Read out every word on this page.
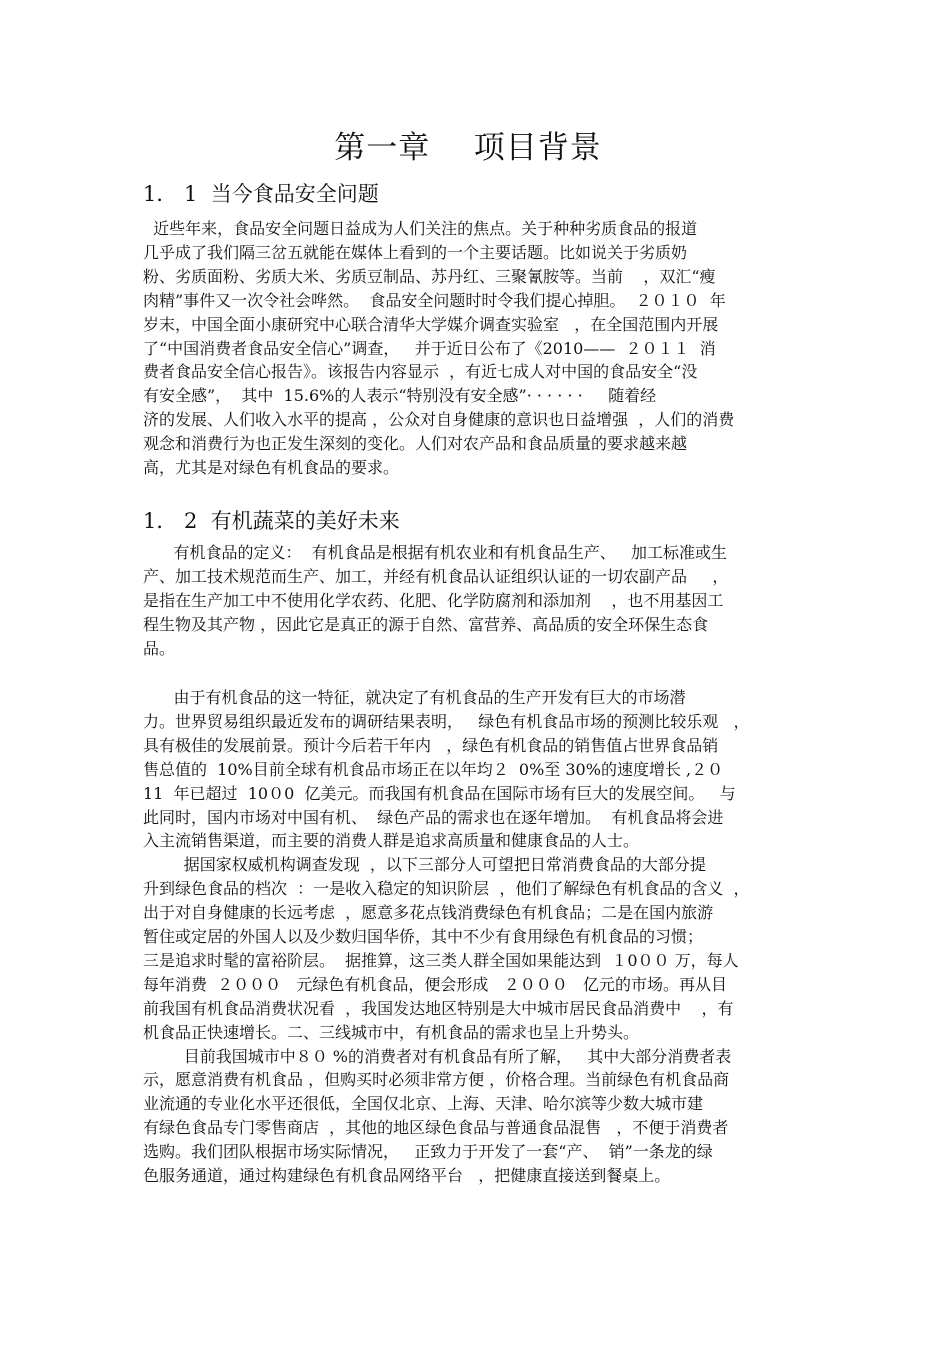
第一章    项目背景
1． 1  当今食品安全问题
近些年来，食品安全问题日益成为人们关注的焦点。关于种种劣质食品的报道
几乎成了我们隔三岔五就能在媒体上看到的一个主要话题。比如说关于劣质奶
粉、劣质面粉、劣质大米、劣质豆制品、苏丹红、三聚氰胺等。当前    ，双汇“瘦
肉精”事件又一次令社会哗然。  食品安全问题时时令我们提心掉胆。  ２０１０  年
岁末，中国全面小康研究中心联合清华大学媒介调查实验室   ，在全国范围内开展
了“中国消费者食品安全信心”调查，   并于近日公布了《2010——  ２０１１  消
费者食品安全信心报告》。该报告内容显示  ，有近七成人对中国的食品安全“没
有安全感”，  其中  15.6%的人表示“特别没有安全感”· · · · · ·     随着经
济的发展、人们收入水平的提高 ，公众对自身健康的意识也日益增强  ，人们的消费
观念和消费行为也正发生深刻的变化。人们对农产品和食品质量的要求越来越
高，尤其是对绿色有机食品的要求。
1． 2  有机蔬菜的美好未来
有机食品的定义：  有机食品是根据有机农业和有机食品生产、   加工标准或生
产、加工技术规范而生产、加工，并经有机食品认证组织认证的一切农副产品     ，
是指在生产加工中不使用化学农药、化肥、化学防腐剂和添加剂    ，也不用基因工
程生物及其产物 ，因此它是真正的源于自然、富营养、高品质的安全环保生态食
品。
由于有机食品的这一特征，就决定了有机食品的生产开发有巨大的市场潜
力。世界贸易组织最近发布的调研结果表明，   绿色有机食品市场的预测比较乐观   ，
具有极佳的发展前景。预计今后若干年内   ，绿色有机食品的销售值占世界食品销
售总值的  10%目前全球有机食品市场正在以年均２  0%至 30%的速度增长 ,２０
11  年已超过  10０0  亿美元。而我国有机食品在国际市场有巨大的发展空间。   与
此同时，国内市场对中国有机、  绿色产品的需求也在逐年增加。  有机食品将会进
入主流销售渠道，而主要的消费人群是追求高质量和健康食品的人士。
据国家权威机构调查发现  ，以下三部分人可望把日常消费食品的大部分提
升到绿色食品的档次  ：一是收入稳定的知识阶层  ，他们了解绿色有机食品的含义  ，
出于对自身健康的长远考虑  ，愿意多花点钱消费绿色有机食品；二是在国内旅游
暂住或定居的外国人以及少数归国华侨，其中不少有食用绿色有机食品的习惯；
三是追求时髦的富裕阶层。  据推算，这三类人群全国如果能达到  １0００ 万，每人
每年消费  ２０００   元绿色有机食品，便会形成   ２０００   亿元的市场。再从目
前我国有机食品消费状况看  ，我国发达地区特别是大中城市居民食品消费中    ，有
机食品正快速增长。二、三线城市中，有机食品的需求也呈上升势头。
目前我国城市中８０ %的消费者对有机食品有所了解，   其中大部分消费者表
示，愿意消费有机食品 ，但购买时必须非常方便 ，价格合理。当前绿色有机食品商
业流通的专业化水平还很低，全国仅北京、上海、天津、哈尔滨等少数大城市建
有绿色食品专门零售商店  ，其他的地区绿色食品与普通食品混售   ，不便于消费者
选购。我们团队根据市场实际情况，   正致力于开发了一套“产、  销”一条龙的绿
色服务通道，通过构建绿色有机食品网络平台   ，把健康直接送到餐桌上。
